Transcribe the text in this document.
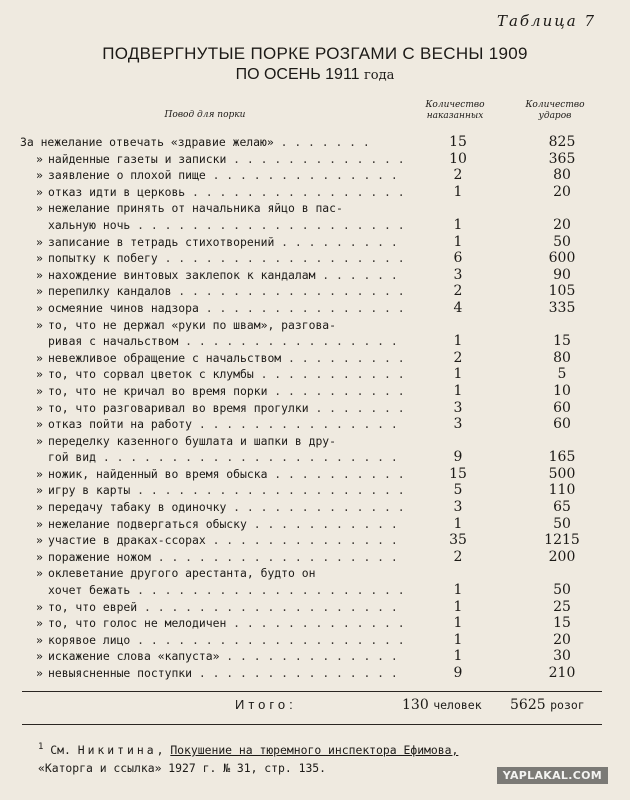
Таблица 7
ПОДВЕРГНУТЫЕ ПОРКЕ РОЗГАМИ С ВЕСНЫ 1909
ПО ОСЕНЬ 1911 года
Повод для порки
Количество наказанных
Количество ударов
За нежелание отвечать «здравие желаю» . . .	15	825
» найденные газеты и записки . . .	10	365
» заявление о плохой пище . . .	2	80
» отказ идти в церковь . . .	1	20
» нежелание принять от начальника яйцо в пас-
хальную ночь . . .	1	20
» записание в тетрадь стихотворений . . .	1	50
» попытку к побегу . . .	6	600
» нахождение винтовых заклепок к кандалам . . .	3	90
» перепилку кандалов . . .	2	105
» осмеяние чинов надзора . . .	4	335
» то, что не держал «руки по швам», разгова-
ривая с начальством . . .	1	15
» невежливое обращение с начальством . . .	2	80
» то, что сорвал цветок с клумбы . . .	1	5
» то, что не кричал во время порки . . .	1	10
» то, что разговаривал во время прогулки . . .	3	60
» отказ пойти на работу . . .	3	60
» переделку казенного бушлата и шапки в дру-
гой вид . . .	9	165
» ножик, найденный во время обыска . . .	15	500
» игру в карты . . .	5	110
» передачу табаку в одиночку . . .	3	65
» нежелание подвергаться обыску . . .	1	50
» участие в драках-ссорах . . .	35	1215
» поражение ножом . . .	2	200
» оклеветание другого арестанта, будто он
хочет бежать . . .	1	50
» то, что еврей . . .	1	25
» то, что голос не мелодичен . . .	1	15
» корявое лицо . . .	1	20
» искажение слова «капуста» . . .	1	30
» невыясненные поступки . . .	9	210
Итого:	130 человек 5625 розог
$^1$ См. Никитина, Покушение на тюремного инспектора Ефимова,
«Каторга и ссылка» 1927 г. № 31, стр. 135.
YAPLAKAL.COM
